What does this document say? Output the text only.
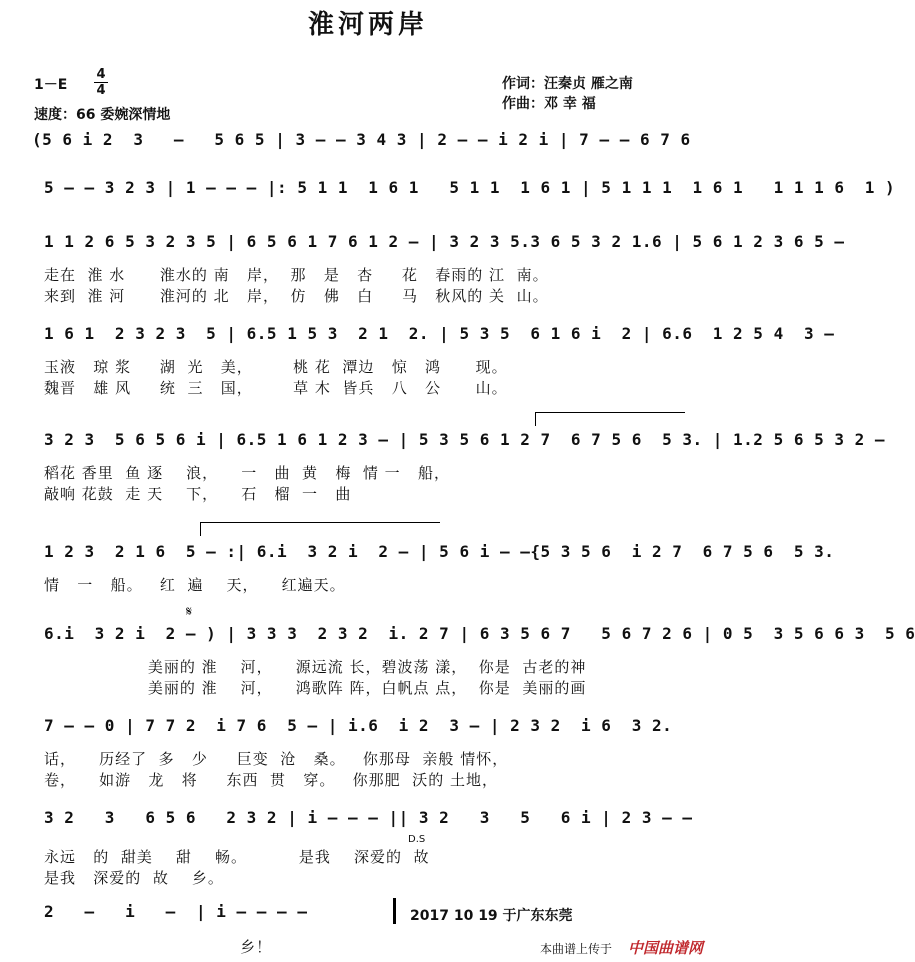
淮河两岸
1－E
4
4
速度：66 委婉深情地
作词：汪秦贞 雁之南
作曲：邓 幸 福
(5 6 i 2  3   –   5 6 5 | 3 – – 3 4 3 | 2 – – i 2 i | 7 – – 6 7 6
5 – – 3 2 3 | 1 – – – |: 5 1 1  1 6 1   5 1 1  1 6 1 | 5 1 1 1  1 6 1   1 1 1 6  1 )
1 1 2 6 5 3 2 3 5 | 6 5 6 1 7 6 1 2 – | 3 2 3 5.3 6 5 3 2 1.6 | 5 6 1 2 3 6 5 –
走在  淮 水      淮水的 南   岸，  那   是   杏     花   春雨的 江  南。
来到  淮 河      淮河的 北   岸，  仿   佛   白     马   秋风的 关  山。
1 6 1  2 3 2 3  5 | 6.5 1 5 3  2 1  2. | 5 3 5  6 1 6 i  2 | 6.6  1 2 5 4  3 –
玉液   琼 浆     湖  光   美，       桃 花  潭边   惊   鸿      现。
魏晋   雄 风     统  三   国，       草 木  皆兵   八   公      山。
3 2 3  5 6 5 6 i | 6.5 1 6 1 2 3 – | 5 3 5 6 1 2 7  6 7 5 6  5 3. | 1.2 5 6 5 3 2 –
稻花 香里  鱼 逐    浪，    一   曲  黄   梅  情 一   船，
敲响 花鼓  走 天    下，    石   榴  一   曲
1 2 3  2 1 6  5 – :| 6.i  3 2 i  2 – | 5 6 i – –{5 3 5 6  i 2 7  6 7 5 6  5 3.
情   一   船。   红  遍    天，    红遍天。
𝄋
6.i  3 2 i  2 – ) | 3 3 3  2 3 2  i. 2 7 | 6 3 5 6 7   5 6 7 2 6 | 0 5  3 5 6 6 3  5 6
美丽的 淮    河，    源远流 长，碧波荡 漾，  你是  古老的神
美丽的 淮    河，    鸿歌阵 阵，白帆点 点，  你是  美丽的画
7 – – 0 | 7 7 2  i 7 6  5 – | i.6  i 2  3 – | 2 3 2  i 6  3 2.
话，    历经了  多   少     巨变  沧   桑。   你那母  亲般 情怀，
卷，    如游   龙   将     东西  贯   穿。   你那肥  沃的 土地，
3 2   3   6 5 6   2 3 2 | i – – – || 3 2   3   5   6 i | 2 3 – –
D.S
永远   的  甜美    甜    畅。         是我    深爱的  故
是我   深爱的  故    乡。
2   –   i   –  | i – – – –
乡！
2017 10 19 于广东东莞
本曲谱上传于 中国曲谱网
